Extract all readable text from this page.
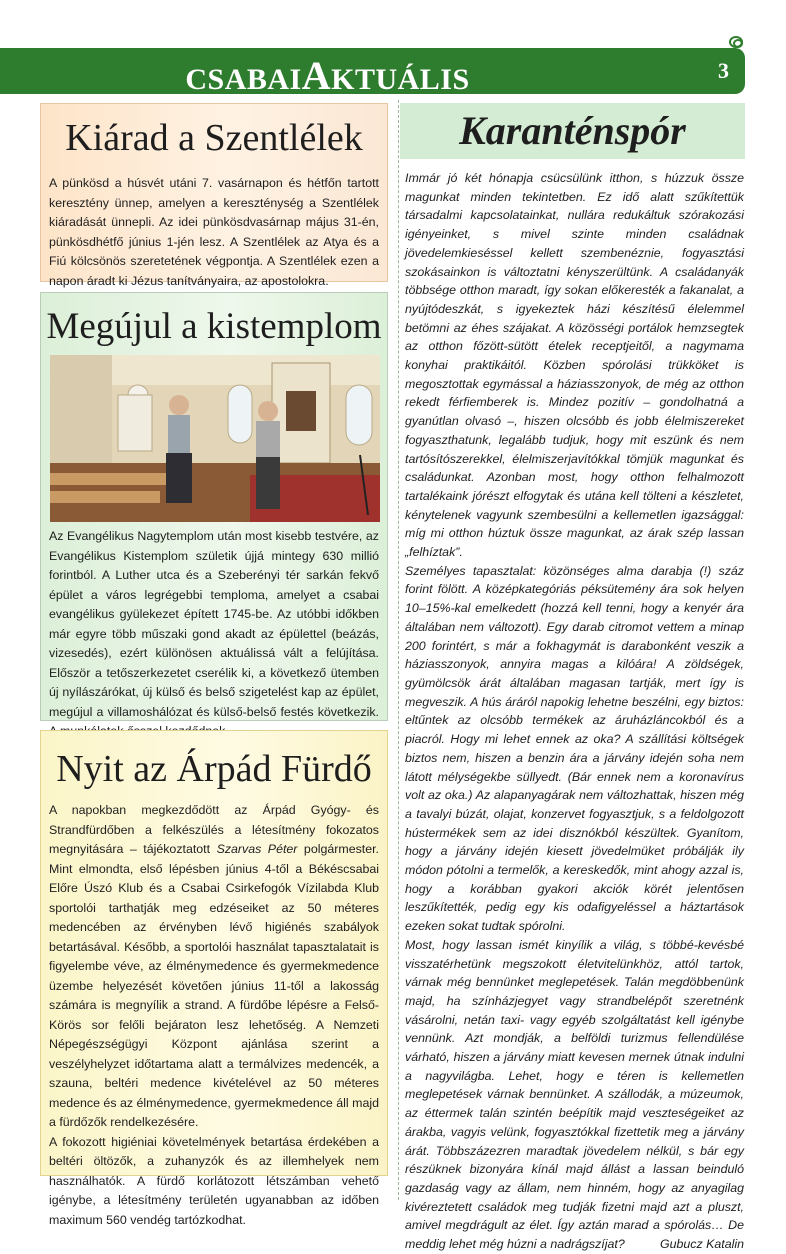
CSABAIAKTUÁLIS	3
Kiárad a Szentlélek

A pünkösd a húsvét utáni 7. vasárnapon és hétfőn tartott keresztény ünnep, amelyen a kereszténység a Szentlélek kiáradását ünnepli. Az idei pünkösdvasárnap május 31-én, pünkösdhétfő június 1-jén lesz. A Szentlélek az Atya és a Fiú kölcsönös szeretetének végpontja. A Szentlélek ezen a napon áradt ki Jézus tanítványaira, az apostolokra.

Megújul a kistemplom

Az Evangélikus Nagytemplom után most kisebb testvére, az Evangélikus Kistemplom születik újjá mintegy 630 millió forintból. A Luther utca és a Szeberényi tér sarkán fekvő épület a város legrégebbi temploma, amelyet a csabai evangélikus gyülekezet épített 1745-be. Az utóbbi időkben már egyre több műszaki gond akadt az épülettel (beázás, vizesedés), ezért különösen aktuálissá vált a felújítása. Először a tetőszerkezetet cserélik ki, a következő ütemben új nyílászárókat, új külső és belső szigetelést kap az épület, megújul a villamoshálózat és külső-belső festés következik.

Nyit az Árpád Fürdő

A napokban megkezdődött az Árpád Gyógy- és Strandfürdőben a felkészülés a létesítmény fokozatos megnyitására – tájékoztatott Szarvas Péter polgármester. Mint elmondta, első lépésben június 4-től a Békéscsabai Előre Úszó Klub és a Csabai Csirkefogók Vízilabda Klub sportolói tarthatják meg edzéseiket az 50 méteres medencében az érvényben lévő higiénés szabályok betartásával. Később, a sportolói használat tapasztalatait is figyelembe véve, az élménymedence és gyermekmedence üzembe helyezését követően június 11-től a lakosság számára is megnyílik a strand. A fürdőbe lépésre a Felső-Körös sor felőli bejáraton lesz lehetőség. A Nemzeti Népegészségügyi Központ ajánlása szerint a veszélyhelyzet időtartama alatt a termálvizes medencék, a szauna, beltéri medence kivételével az 50 méteres medence és az élménymedence, gyermekmedence áll majd a fürdőzők rendelkezésére.

A fokozott higiéniai követelmények betartása érdekében a beltéri öltözők, a zuhanyzók és az illemhelyek nem használhatók. A fürdő korlátozott létszámban vehető igénybe, a létesítmény területén ugyanabban az időben maximum 560 vendég tartózkodhat.

Karanténspór

Immár jó két hónapja csücsülünk itthon, s húzzuk össze magunkat minden tekintetben. Ez idő alatt szűkítettük társadalmi kapcsolatainkat, nullára redukáltuk szórakozási igényeinket, s mivel szinte minden családnak jövedelemkieséssel kellett szembenéznie, fogyasztási szokásainkon is változtatni kényszerültünk. A családanyák többsége otthon maradt, így sokan előkeresték a fakanalat, a nyújtódeszkát, s igyekeztek házi készítésű élelemmel betömni az éhes szájakat. A közösségi portálok hemzsegtek az otthon főzött-sütött ételek receptjeitől, a nagymama konyhai praktikáitól. Közben spórolási trükköket is megosztottak egymással a háziasszonyok, de még az otthon rekedt férfiemberek is. Mindez pozitív – gondolhatná a gyanútlan olvasó –, hiszen olcsóbb és jobb élelmiszereket fogyaszthatunk, legalább tudjuk, hogy mit eszünk és nem tartósítószerekkel, élelmiszerjavítókkal tömjük magunkat és családunkat. Azonban most, hogy otthon felhalmozott tartalékaink jórészt elfogytak és utána kell tölteni a készletet, kénytelenek vagyunk szembesülni a kellemetlen igazsággal: míg mi otthon húztuk össze magunkat, az árak szép lassan „felhíztak”.

Személyes tapasztalat: közönséges alma darabja (!) száz forint fölött. A középkategóriás péksütemény ára sok helyen 10–15%-kal emelkedett (hozzá kell tenni, hogy a kenyér ára általában nem változott). Egy darab citromot vettem a minap 200 forintért, s már a fokhagymát is darabonként veszik a háziasszonyok, annyira magas a kilóára! A zöldségek, gyümölcsök árát általában magasan tartják, mert így is megveszik. A hús áráról napokig lehetne beszélni, egy biztos: eltűntek az olcsóbb termékek az áruházláncokból és a piacról. Hogy mi lehet ennek az oka? A szállítási költségek biztos nem, hiszen a benzin ára a járvány idején soha nem látott mélységekbe süllyedt. (Bár ennek nem a koronavírus volt az oka.) Az alapanyagárak nem változhattak, hiszen még a tavalyi búzát, olajat, konzervet fogyasztjuk, s a feldolgozott hústermékek sem az idei disznókból készültek. Gyanítom, hogy a járvány idején kiesett jövedelmüket próbálják ily módon pótolni a termelők, a kereskedők, mint ahogy azzal is, hogy a korábban gyakori akciók körét jelentősen leszűkítették, pedig egy kis odafigyeléssel a háztartások ezeken sokat tudtak spórolni.

Most, hogy lassan ismét kinyílik a világ, s többé-kevésbé visszatérhetünk megszokott életvitelünkhöz, attól tartok, várnak még bennünket meglepetések. Talán megdöbbenünk majd, ha színházjegyet vagy strandbelépőt szeretnénk vásárolni, netán taxi- vagy egyéb szolgáltatást kell igénybe vennünk. Azt mondják, a belföldi turizmus fellendülése várható, hiszen a járvány miatt kevesen mernek útnak indulni a nagyvilágba. Lehet, hogy e téren is kellemetlen meglepetések várnak bennünket. A szállodák, a múzeumok, az éttermek talán szintén beépítik majd veszteségeiket az árakba, vagyis velünk, fogyasztókkal fizettetik meg a járvány árát. Többszázezren maradtak jövedelem nélkül, s bár egy részüknek bizonyára kínál majd állást a lassan beinduló gazdaság vagy az állam, nem hinném, hogy az anyagilag kivéreztetett családok meg tudják fizetni majd azt a pluszt, amivel megdrágult az élet. Így aztán marad a spórolás… De meddig lehet még húzni a nadrágszíjat?	Gubucz Katalin
